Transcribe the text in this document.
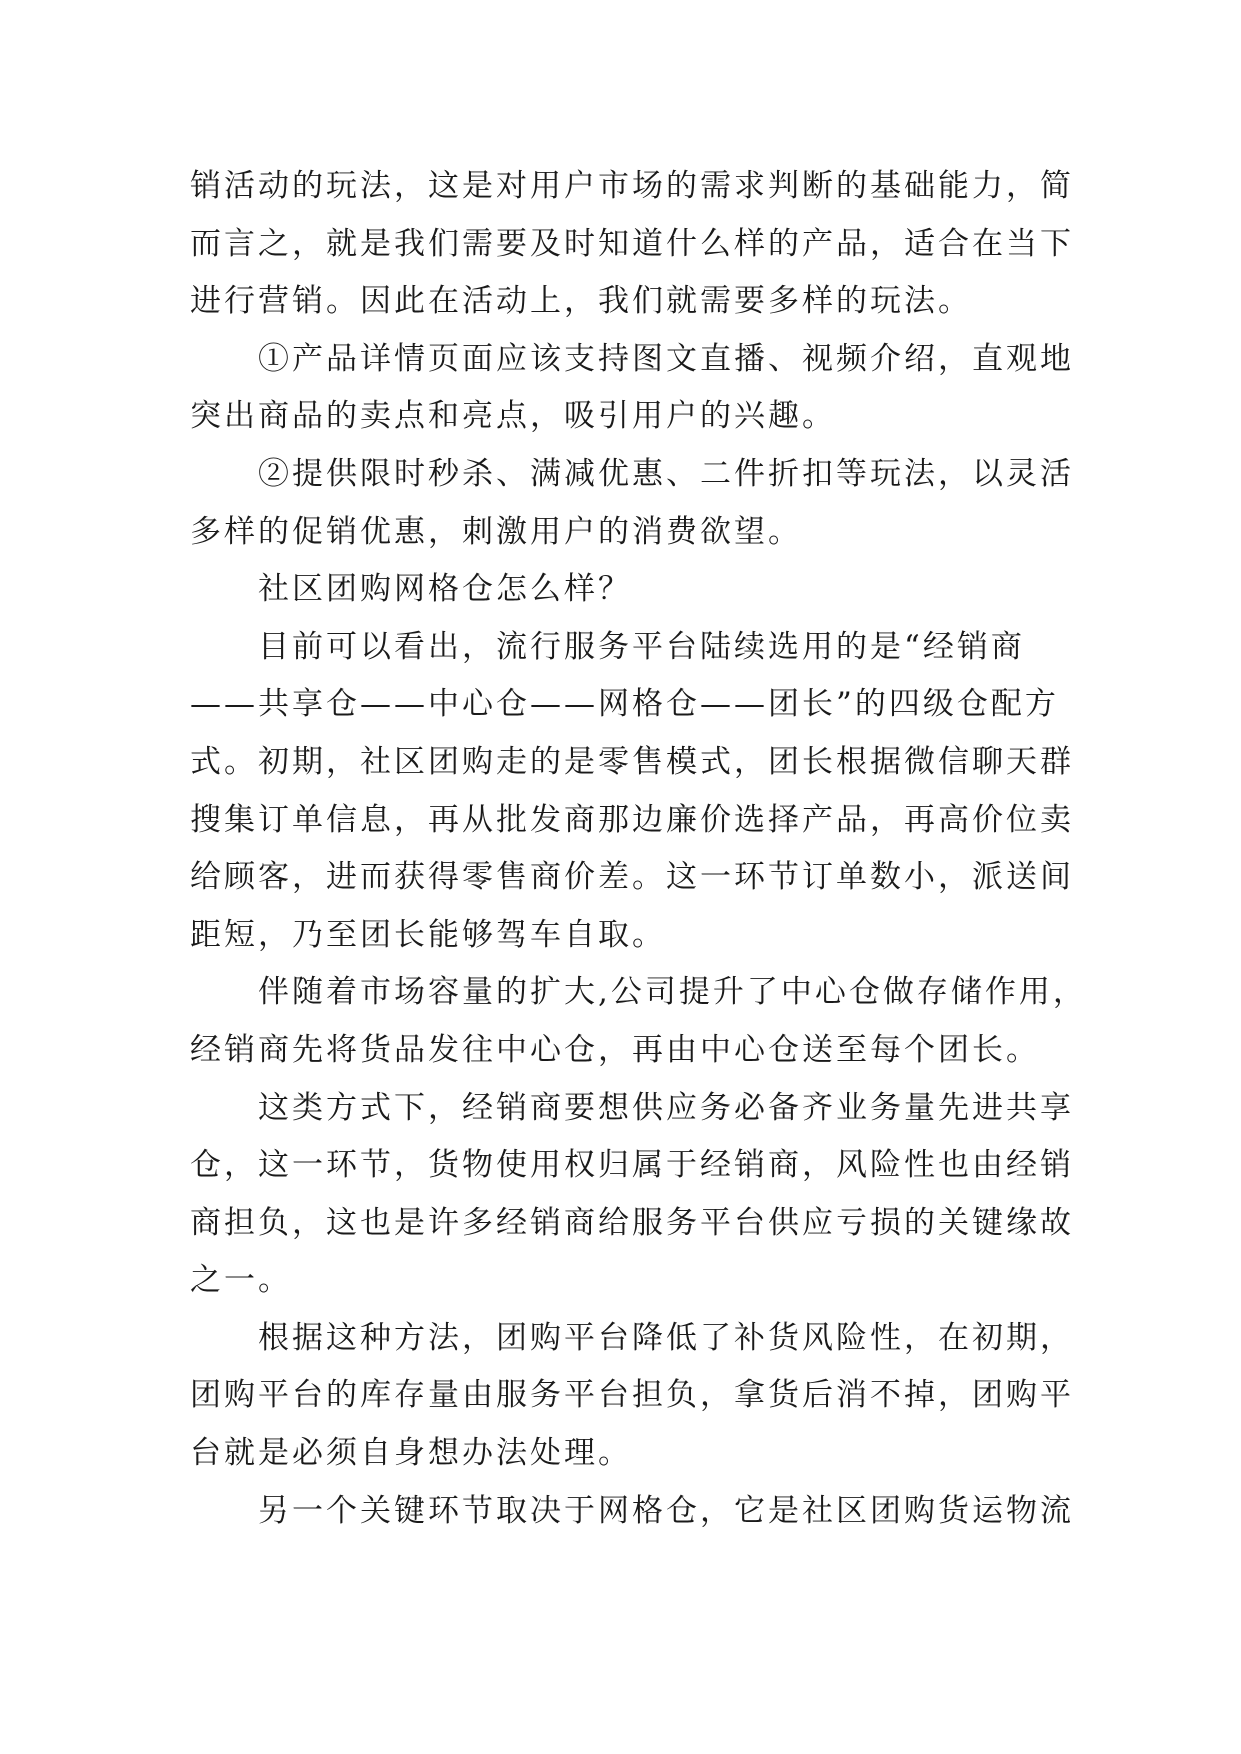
销活动的玩法，这是对用户市场的需求判断的基础能力，简
而言之，就是我们需要及时知道什么样的产品，适合在当下
进行营销。因此在活动上，我们就需要多样的玩法。
①产品详情页面应该支持图文直播、视频介绍，直观地
突出商品的卖点和亮点，吸引用户的兴趣。
②提供限时秒杀、满减优惠、二件折扣等玩法，以灵活
多样的促销优惠，刺激用户的消费欲望。
社区团购网格仓怎么样？
目前可以看出，流行服务平台陆续选用的是“经销商
——共享仓——中心仓——网格仓——团长”的四级仓配方
式。初期，社区团购走的是零售模式，团长根据微信聊天群
搜集订单信息，再从批发商那边廉价选择产品，再高价位卖
给顾客，进而获得零售商价差。这一环节订单数小，派送间
距短，乃至团长能够驾车自取。
伴随着市场容量的扩大,公司提升了中心仓做存储作用，
经销商先将货品发往中心仓，再由中心仓送至每个团长。
这类方式下，经销商要想供应务必备齐业务量先进共享
仓，这一环节，货物使用权归属于经销商，风险性也由经销
商担负，这也是许多经销商给服务平台供应亏损的关键缘故
之一。
根据这种方法，团购平台降低了补货风险性，在初期，
团购平台的库存量由服务平台担负，拿货后消不掉，团购平
台就是必须自身想办法处理。
另一个关键环节取决于网格仓，它是社区团购货运物流
